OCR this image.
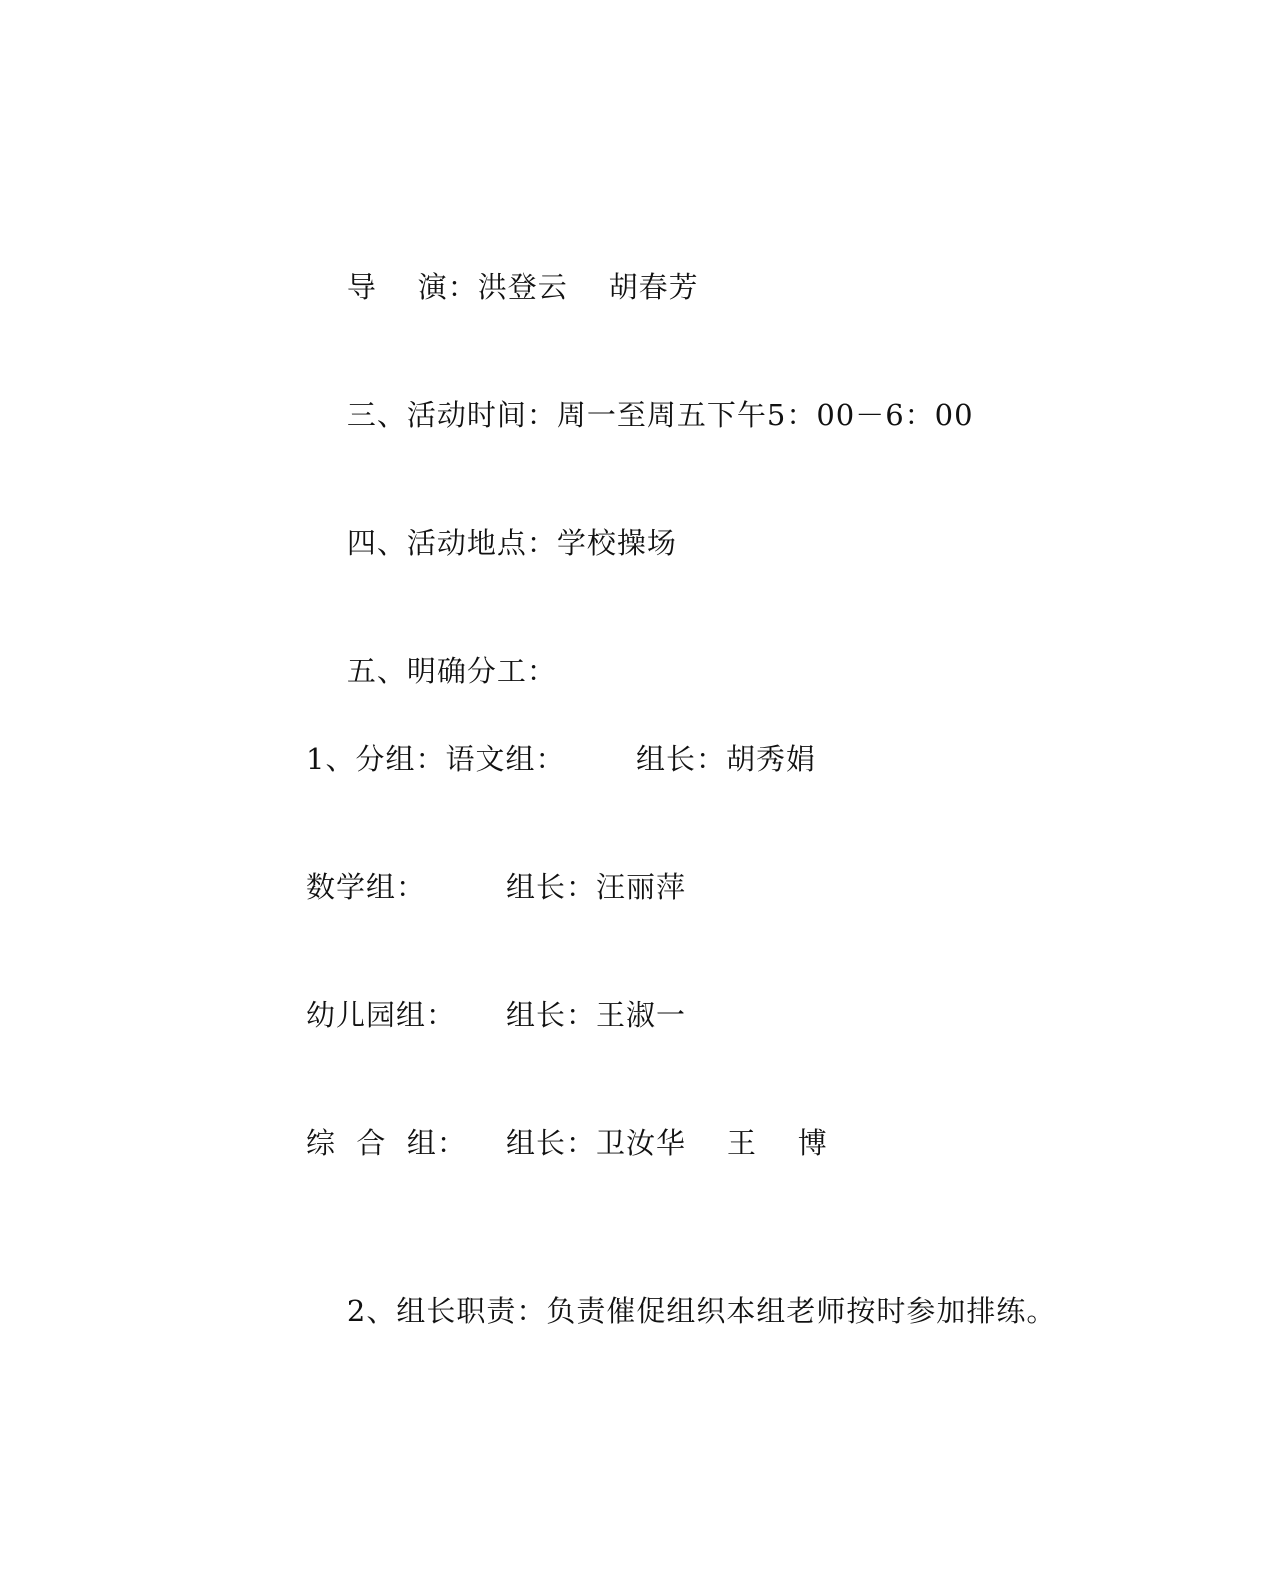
导    演：洪登云    胡春芳

三、活动时间：周一至周五下午5：00－6：00

四、活动地点：学校操场

五、明确分工：

1、分组：语文组：

组长：胡秀娟

数学组：

	组长：汪丽萍

幼儿园组：

组长：王淑一

综  合  组：

组长：卫汝华    王    博

2、组长职责：负责催促组织本组老师按时参加排练。
